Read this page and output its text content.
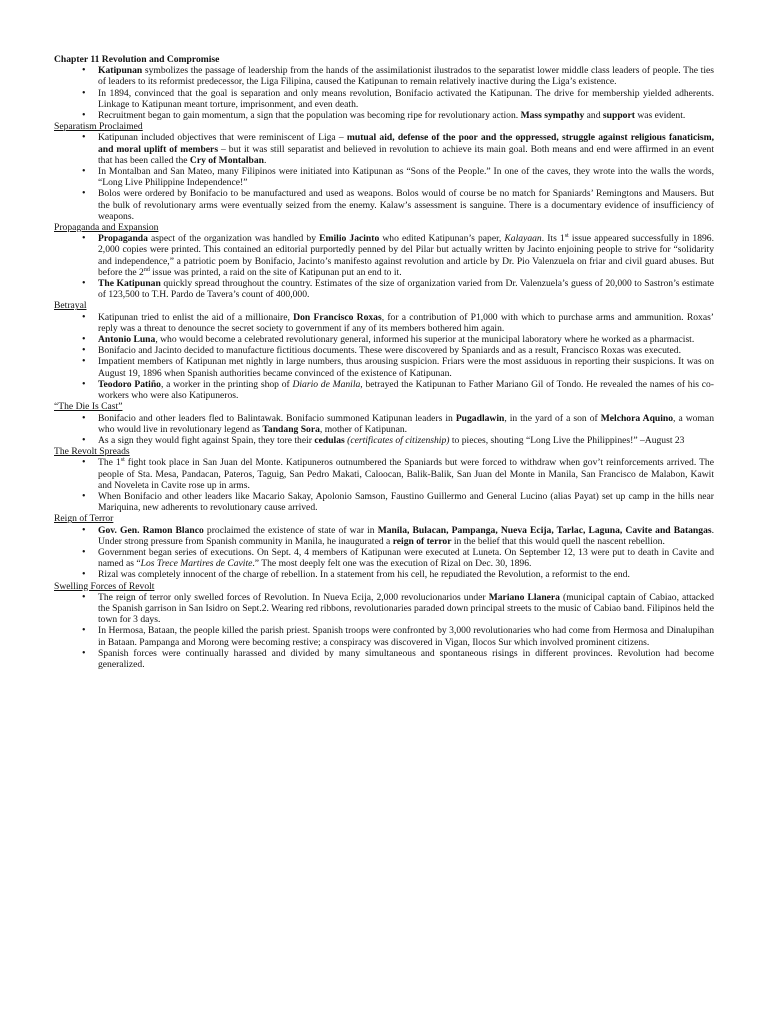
Chapter 11 Revolution and Compromise

• Katipunan symbolizes the passage of leadership from the hands of the assimilationist ilustrados to the separatist lower middle class leaders of people. The ties of leaders to its reformist predecessor, the Liga Filipina, caused the Katipunan to remain relatively inactive during the Liga’s existence.
• In 1894, convinced that the goal is separation and only means revolution, Bonifacio activated the Katipunan. The drive for membership yielded adherents. Linkage to Katipunan meant torture, imprisonment, and even death.
• Recruitment began to gain momentum, a sign that the population was becoming ripe for revolutionary action. Mass sympathy and support was evident.

Separatism Proclaimed

• Katipunan included objectives that were reminiscent of Liga – mutual aid, defense of the poor and the oppressed, struggle against religious fanaticism, and moral uplift of members – but it was still separatist and believed in revolution to achieve its main goal. Both means and end were affirmed in an event that has been called the Cry of Montalban.
• In Montalban and San Mateo, many Filipinos were initiated into Katipunan as “Sons of the People.” In one of the caves, they wrote into the walls the words, “Long Live Philippine Independence!”
• Bolos were ordered by Bonifacio to be manufactured and used as weapons. Bolos would of course be no match for Spaniards’ Remingtons and Mausers. But the bulk of revolutionary arms were eventually seized from the enemy. Kalaw’s assessment is sanguine. There is a documentary evidence of insufficiency of weapons.

Propaganda and Expansion

• Propaganda aspect of the organization was handled by Emilio Jacinto who edited Katipunan’s paper, Kalayaan. Its 1st issue appeared successfully in 1896. 2,000 copies were printed. This contained an editorial purportedly penned by del Pilar but actually written by Jacinto enjoining people to strive for “solidarity and independence,” a patriotic poem by Bonifacio, Jacinto’s manifesto against revolution and article by Dr. Pio Valenzuela on friar and civil guard abuses. But before the 2nd issue was printed, a raid on the site of Katipunan put an end to it.
• The Katipunan quickly spread throughout the country. Estimates of the size of organization varied from Dr. Valenzuela’s guess of 20,000 to Sastron’s estimate of 123,500 to T.H. Pardo de Tavera’s count of 400,000.

Betrayal

• Katipunan tried to enlist the aid of a millionaire, Don Francisco Roxas, for a contribution of P1,000 with which to purchase arms and ammunition. Roxas’ reply was a threat to denounce the secret society to government if any of its members bothered him again.
• Antonio Luna, who would become a celebrated revolutionary general, informed his superior at the municipal laboratory where he worked as a pharmacist.
• Bonifacio and Jacinto decided to manufacture fictitious documents. These were discovered by Spaniards and as a result, Francisco Roxas was executed.
• Impatient members of Katipunan met nightly in large numbers, thus arousing suspicion. Friars were the most assiduous in reporting their suspicions. It was on August 19, 1896 when Spanish authorities became convinced of the existence of Katipunan.
• Teodoro Patiño, a worker in the printing shop of Diario de Manila, betrayed the Katipunan to Father Mariano Gil of Tondo. He revealed the names of his co-workers who were also Katipuneros.

“The Die Is Cast”

• Bonifacio and other leaders fled to Balintawak. Bonifacio summoned Katipunan leaders in Pugadlawin, in the yard of a son of Melchora Aquino, a woman who would live in revolutionary legend as Tandang Sora, mother of Katipunan.
• As a sign they would fight against Spain, they tore their cedulas (certificates of citizenship) to pieces, shouting “Long Live the Philippines!” –August 23

The Revolt Spreads

• The 1st fight took place in San Juan del Monte. Katipuneros outnumbered the Spaniards but were forced to withdraw when gov’t reinforcements arrived. The people of Sta. Mesa, Pandacan, Pateros, Taguig, San Pedro Makati, Caloocan, Balik-Balik, San Juan del Monte in Manila, San Francisco de Malabon, Kawit and Noveleta in Cavite rose up in arms.
• When Bonifacio and other leaders like Macario Sakay, Apolonio Samson, Faustino Guillermo and General Lucino (alias Payat) set up camp in the hills near Mariquina, new adherents to revolutionary cause arrived.

Reign of Terror

• Gov. Gen. Ramon Blanco proclaimed the existence of state of war in Manila, Bulacan, Pampanga, Nueva Ecija, Tarlac, Laguna, Cavite and Batangas. Under strong pressure from Spanish community in Manila, he inaugurated a reign of terror in the belief that this would quell the nascent rebellion.
• Government began series of executions. On Sept. 4, 4 members of Katipunan were executed at Luneta. On September 12, 13 were put to death in Cavite and named as “Los Trece Martires de Cavite.” The most deeply felt one was the execution of Rizal on Dec. 30, 1896.
• Rizal was completely innocent of the charge of rebellion. In a statement from his cell, he repudiated the Revolution, a reformist to the end.

Swelling Forces of Revolt

• The reign of terror only swelled forces of Revolution. In Nueva Ecija, 2,000 revolucionarios under Mariano Llanera (municipal captain of Cabiao, attacked the Spanish garrison in San Isidro on Sept.2. Wearing red ribbons, revolutionaries paraded down principal streets to the music of Cabiao band. Filipinos held the town for 3 days.
• In Hermosa, Bataan, the people killed the parish priest. Spanish troops were confronted by 3,000 revolutionaries who had come from Hermosa and Dinalupihan in Bataan. Pampanga and Morong were becoming restive; a conspiracy was discovered in Vigan, Ilocos Sur which involved prominent citizens.
• Spanish forces were continually harassed and divided by many simultaneous and spontaneous risings in different provinces. Revolution had become generalized.
